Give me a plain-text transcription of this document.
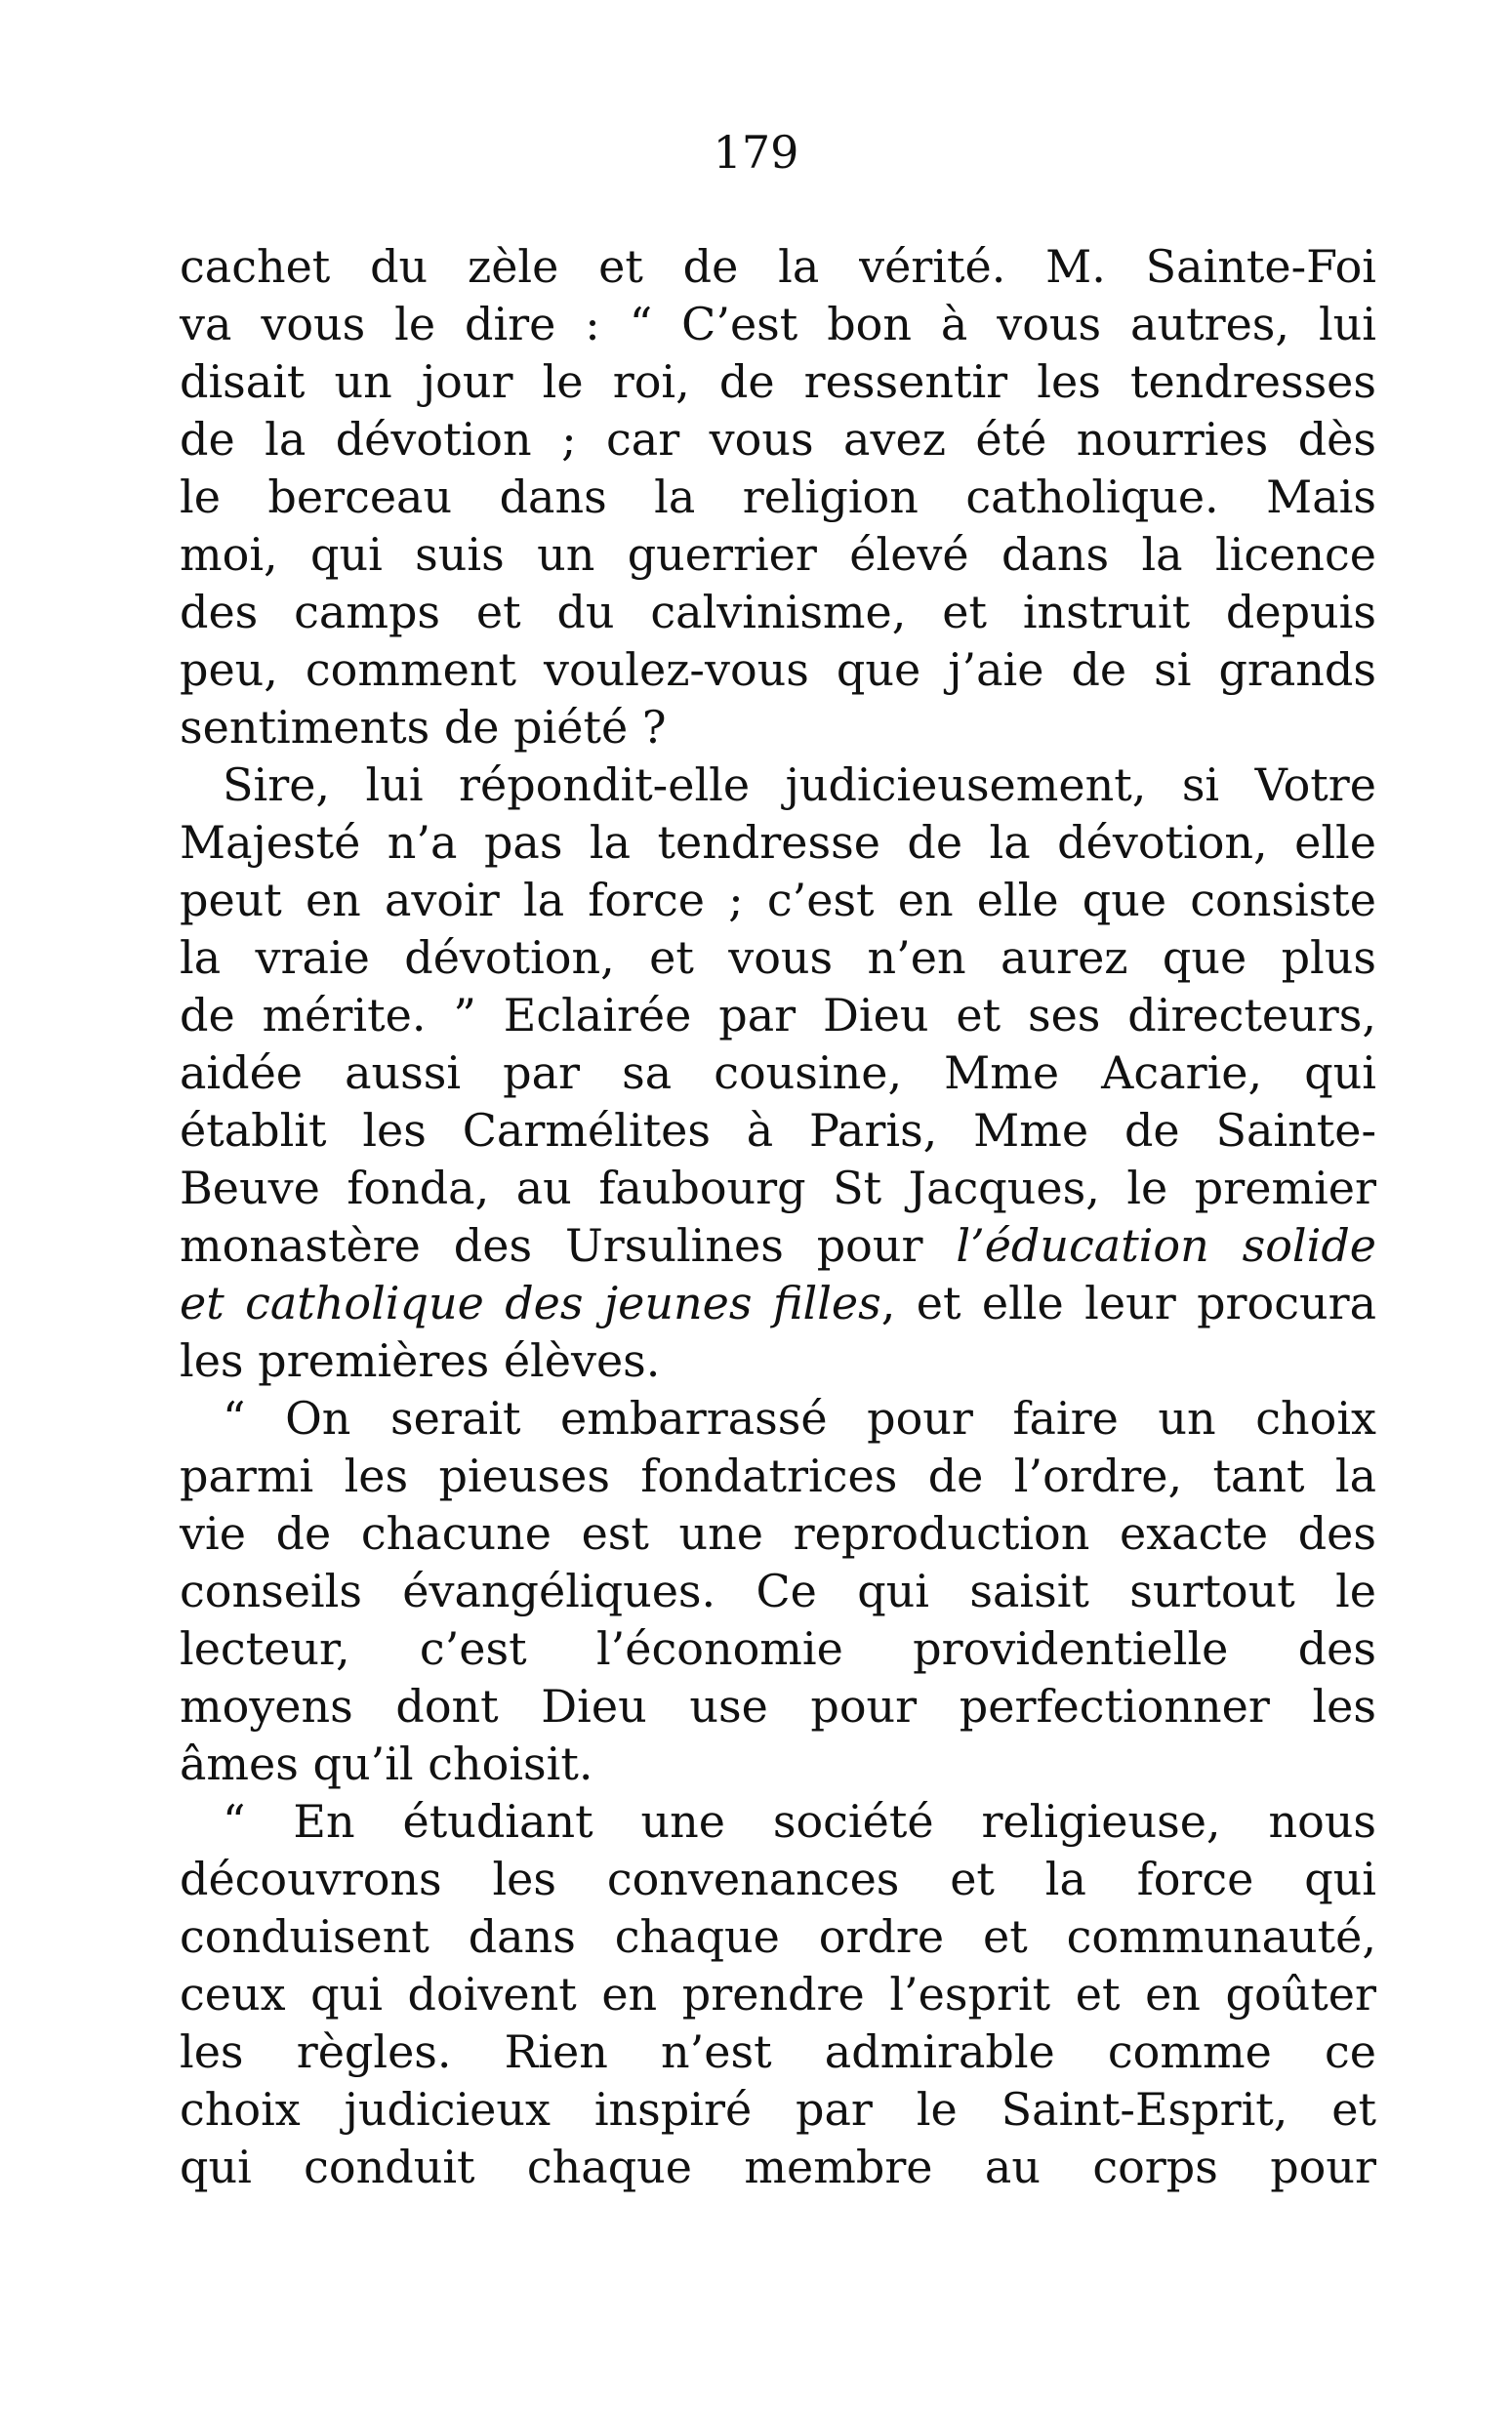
179
cachet du zèle et de la vérité. M. Sainte-Foi
va vous le dire : “ C’est bon à vous autres, lui
disait un jour le roi, de ressentir les tendresses
de la dévotion ; car vous avez été nourries dès
le berceau dans la religion catholique. Mais
moi, qui suis un guerrier élevé dans la licence
des camps et du calvinisme, et instruit depuis
peu, comment voulez-vous que j’aie de si grands
sentiments de piété ?
Sire, lui répondit-elle judicieusement, si Votre
Majesté n’a pas la tendresse de la dévotion, elle
peut en avoir la force ; c’est en elle que consiste
la vraie dévotion, et vous n’en aurez que plus
de mérite. ” Eclairée par Dieu et ses directeurs,
aidée aussi par sa cousine, Mme Acarie, qui
établit les Carmélites à Paris, Mme de Sainte-
Beuve fonda, au faubourg St Jacques, le premier
monastère des Ursulines pour l’éducation solide
et catholique des jeunes filles, et elle leur procura
les premières élèves.
“ On serait embarrassé pour faire un choix
parmi les pieuses fondatrices de l’ordre, tant la
vie de chacune est une reproduction exacte des
conseils évangéliques. Ce qui saisit surtout le
lecteur, c’est l’économie providentielle des
moyens dont Dieu use pour perfectionner les
âmes qu’il choisit.
“ En étudiant une société religieuse, nous
découvrons les convenances et la force qui
conduisent dans chaque ordre et communauté,
ceux qui doivent en prendre l’esprit et en goûter
les règles. Rien n’est admirable comme ce
choix judicieux inspiré par le Saint-Esprit, et
qui conduit chaque membre au corps pour
